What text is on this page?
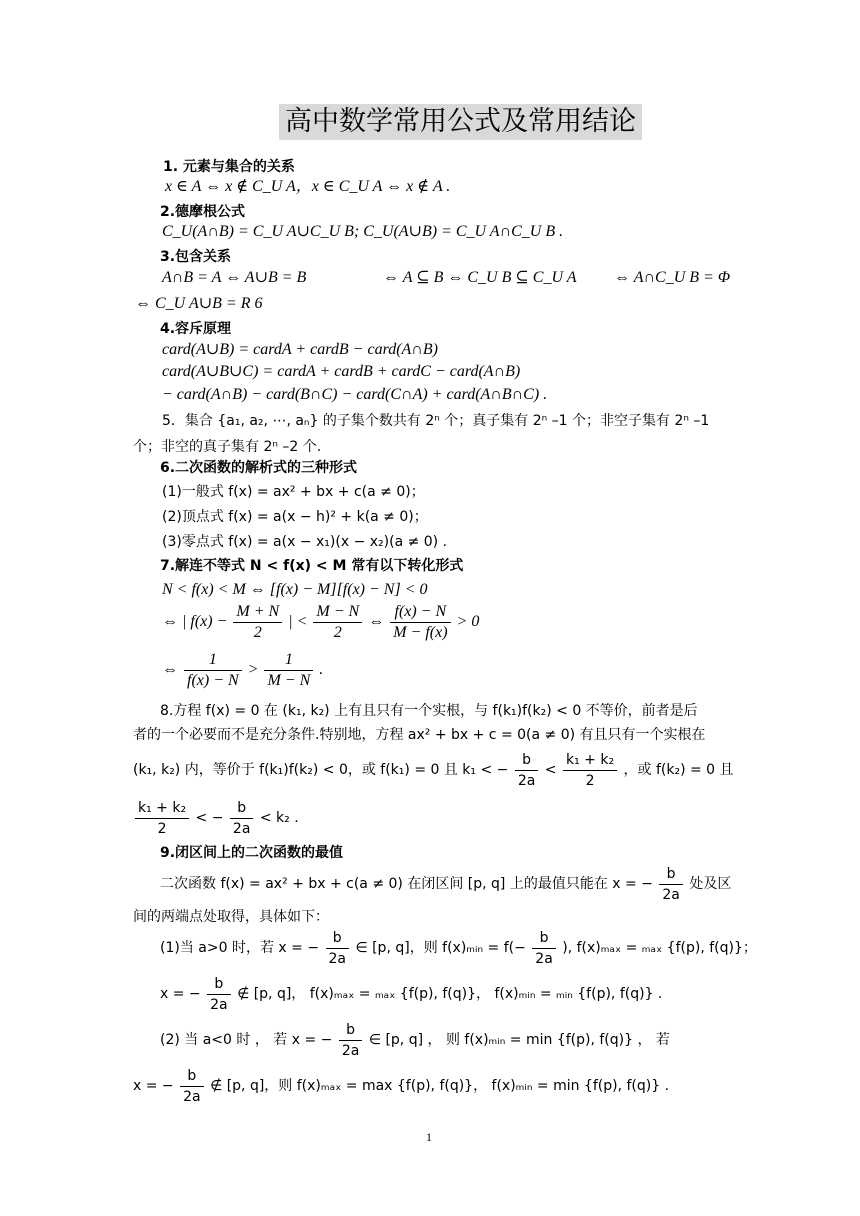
高中数学常用公式及常用结论
1. 元素与集合的关系
x ∈ A ⇔ x ∉ C_U A，x ∈ C_U A ⇔ x ∉ A .
2.德摩根公式
C_U(A∩B) = C_U A∪C_U B; C_U(A∪B) = C_U A∩C_U B .
3.包含关系
A∩B = A ⇔ A∪B = B	⇔ A ⊆ B ⇔ C_U B ⊆ C_U A ⇔ A∩C_U B = Φ
⇔ C_U A∪B = R 6
4.容斥原理
card(A∪B) = cardA + cardB − card(A∩B)
card(A∪B∪C) = cardA + cardB + cardC − card(A∩B)
− card(A∩B) − card(B∩C) − card(C∩A) + card(A∩B∩C) .
5．集合 {a₁, a₂, ⋯, aₙ} 的子集个数共有 2ⁿ 个；真子集有 2ⁿ –1 个；非空子集有 2ⁿ –1
个；非空的真子集有 2ⁿ –2 个.
6.二次函数的解析式的三种形式
(1)一般式 f(x) = ax² + bx + c(a ≠ 0)；
(2)顶点式 f(x) = a(x − h)² + k(a ≠ 0)；
(3)零点式 f(x) = a(x − x₁)(x − x₂)(a ≠ 0) .
7.解连不等式 N < f(x) < M 常有以下转化形式
N < f(x) < M ⇔ [f(x) − M][f(x) − N] < 0
⇔ | $f(x) - \frac{M + N}{2}$ | < $\frac{M - N}{2}$ ⇔ $\frac{f(x) - N}{M - f(x)} > 0$
⇔ $\frac{1}{f(x) - N} > \frac{1}{M - N}$ .
8.方程 f(x) = 0 在 (k₁, k₂) 上有且只有一个实根，与 f(k₁)f(k₂) < 0 不等价，前者是后
者的一个必要而不是充分条件.特别地，方程 ax² + bx + c = 0(a ≠ 0) 有且只有一个实根在
(k₁, k₂) 内，等价于 f(k₁)f(k₂) < 0，或 f(k₁) = 0 且 k₁ < − $\frac{b}{2a} < \frac{\text{k₁ + k₂}}{2}$ ，或 f(k₂) = 0 且
$\frac{\text{k₁ + k₂}}{2}$ < − $\frac{b}{2a} < k_2$ .
9.闭区间上的二次函数的最值
二次函数 f(x) = ax² + bx + c(a ≠ 0) 在闭区间 [p, q] 上的最值只能在 x = − $\frac{b}{2a}$ 处及区
间的两端点处取得，具体如下：
(1)当 a>0 时，若 x = − $\frac{b}{2a}$ ∈ [p, q]，则 f(x)ₘᵢₙ = $f(- \frac{b}{2a}$ ), f(x)ₘₐₓ = ₘₐₓ {f(p), f(q)}；
x = − $\frac{b}{2a}$ ∉ [p, q]， f(x)ₘₐₓ = ₘₐₓ {f(p), f(q)}， f(x)ₘᵢₙ = ₘᵢₙ {f(p), f(q)} .
(2) 当 a<0 时 ， 若 x = − $\frac{b}{2a}$ ∈ [p, q] ， 则 f(x)ₘᵢₙ = min {f(p), f(q)} ， 若
x = − $\frac{b}{2a}$ ∉ [p, q]，则 f(x)ₘₐₓ = max {f(p), f(q)}， f(x)ₘᵢₙ = min {f(p), f(q)} .
1
